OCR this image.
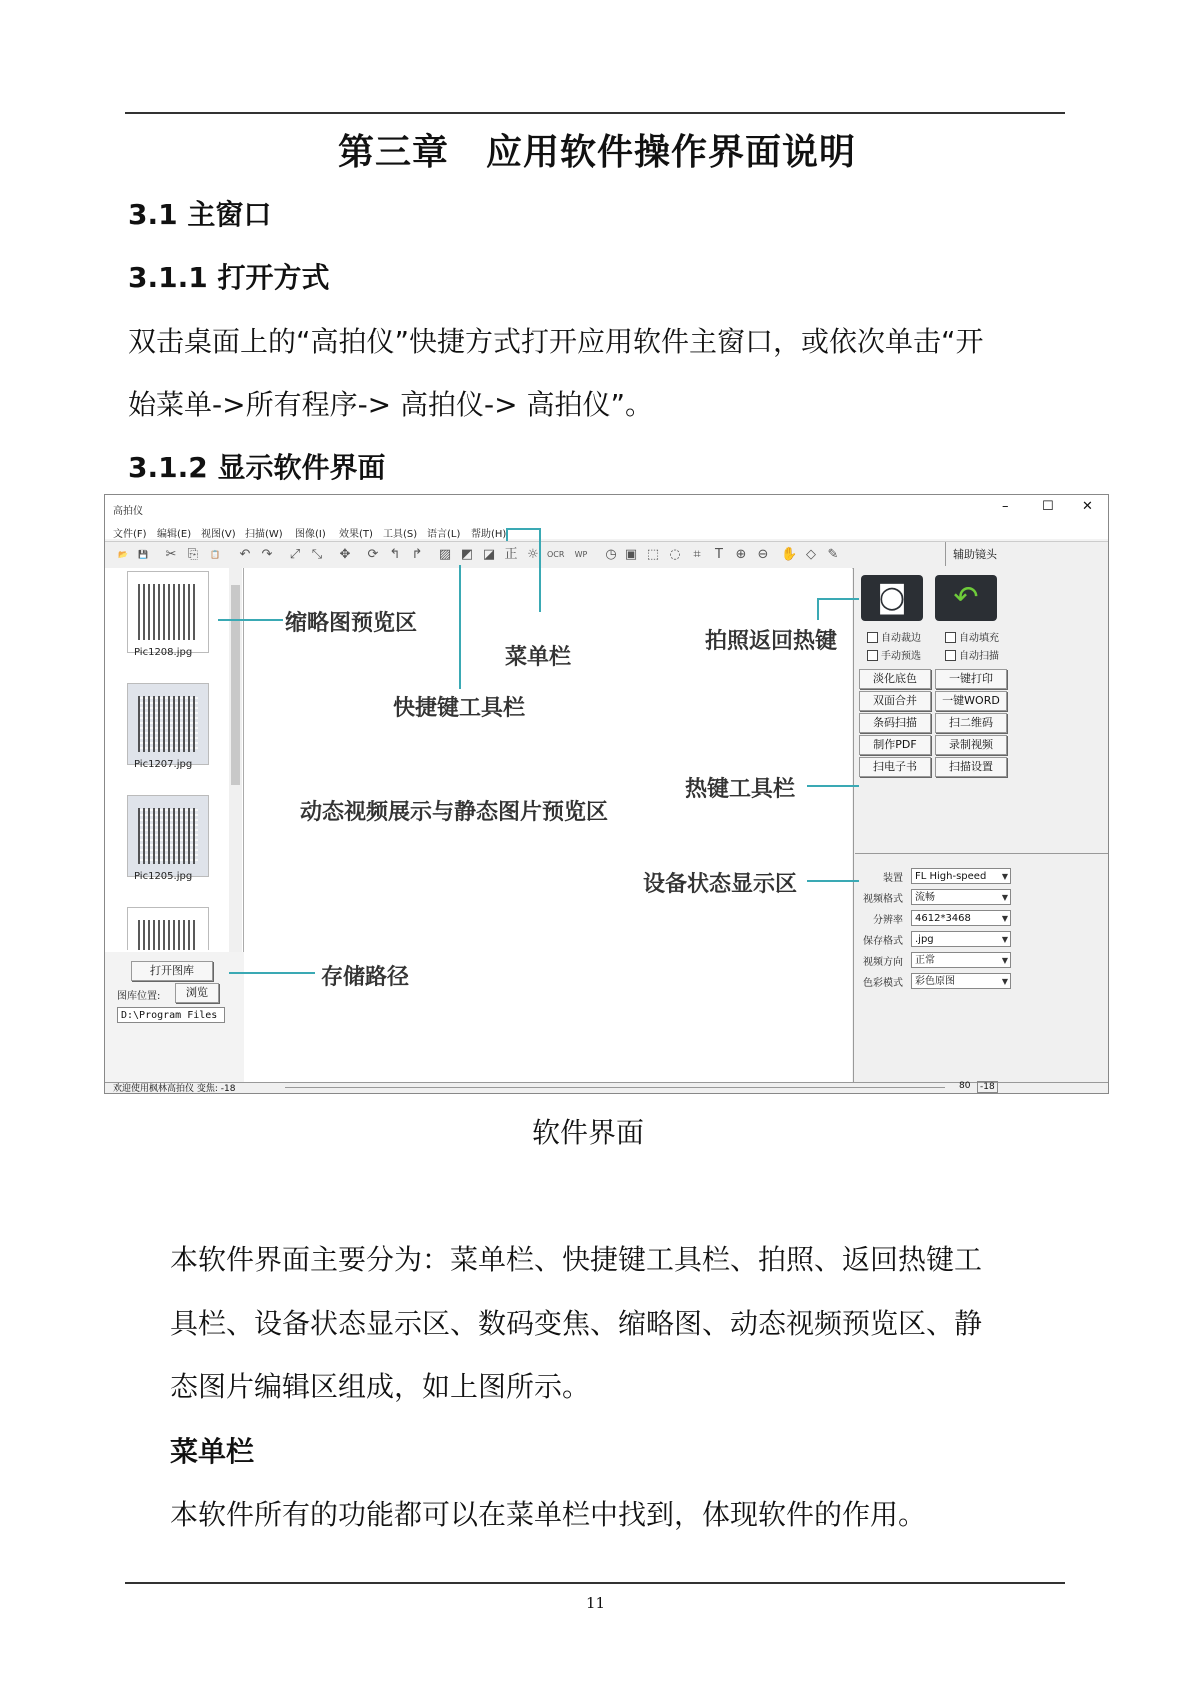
第三章　应用软件操作界面说明
3.1 主窗口
3.1.1 打开方式
双击桌面上的“高拍仪”快捷方式打开应用软件主窗口，或依次单击“开
始菜单->所有程序-> 高拍仪-> 高拍仪”。
3.1.2 显示软件界面
高拍仪	–	☐ ✕
辅助镜头
Pic1208.jpg
Pic1207.jpg
Pic1205.jpg
打开图库
图库位置:	浏览
D:\Program Files
◙	↶
自动裁边	自动填充
手动预选	自动扫描
淡化底色	一键打印
双面合并	一键WORD
条码扫描	扫二维码
制作PDF	录制视频
扫电子书	扫描设置
欢迎使用枫林高拍仪 变焦: -18	80	-18
缩略图预览区
菜单栏
快捷键工具栏
拍照返回热键
热键工具栏
动态视频展示与静态图片预览区
设备状态显示区
存储路径
文件(F) 编辑(E) 视图(V) 扫描(W) 图像(I) 效果(T) 工具(S) 语言(L) 帮助(H)
📂	💾 ✂ ⎘	📋 ↶ ↷ ⤢ ⤡ ✥ ⟳ ↰ ↱ ▨ ◩ ◪ 正 ☼ OCR WP ◷ ▣ ⬚ ◌ ⌗	T ⊕ ⊖ ✋ ◇ ✎
装置	FL High-speed ▼
视频格式	流畅	▼
分辨率	4612*3468	▼
保存格式	.jpg	▼
视频方向	正常	▼
色彩模式	彩色原图	▼
软件界面
本软件界面主要分为：菜单栏、快捷键工具栏、拍照、返回热键工
具栏、设备状态显示区、数码变焦、缩略图、动态视频预览区、静
态图片编辑区组成，如上图所示。
菜单栏
本软件所有的功能都可以在菜单栏中找到，体现软件的作用。
11
